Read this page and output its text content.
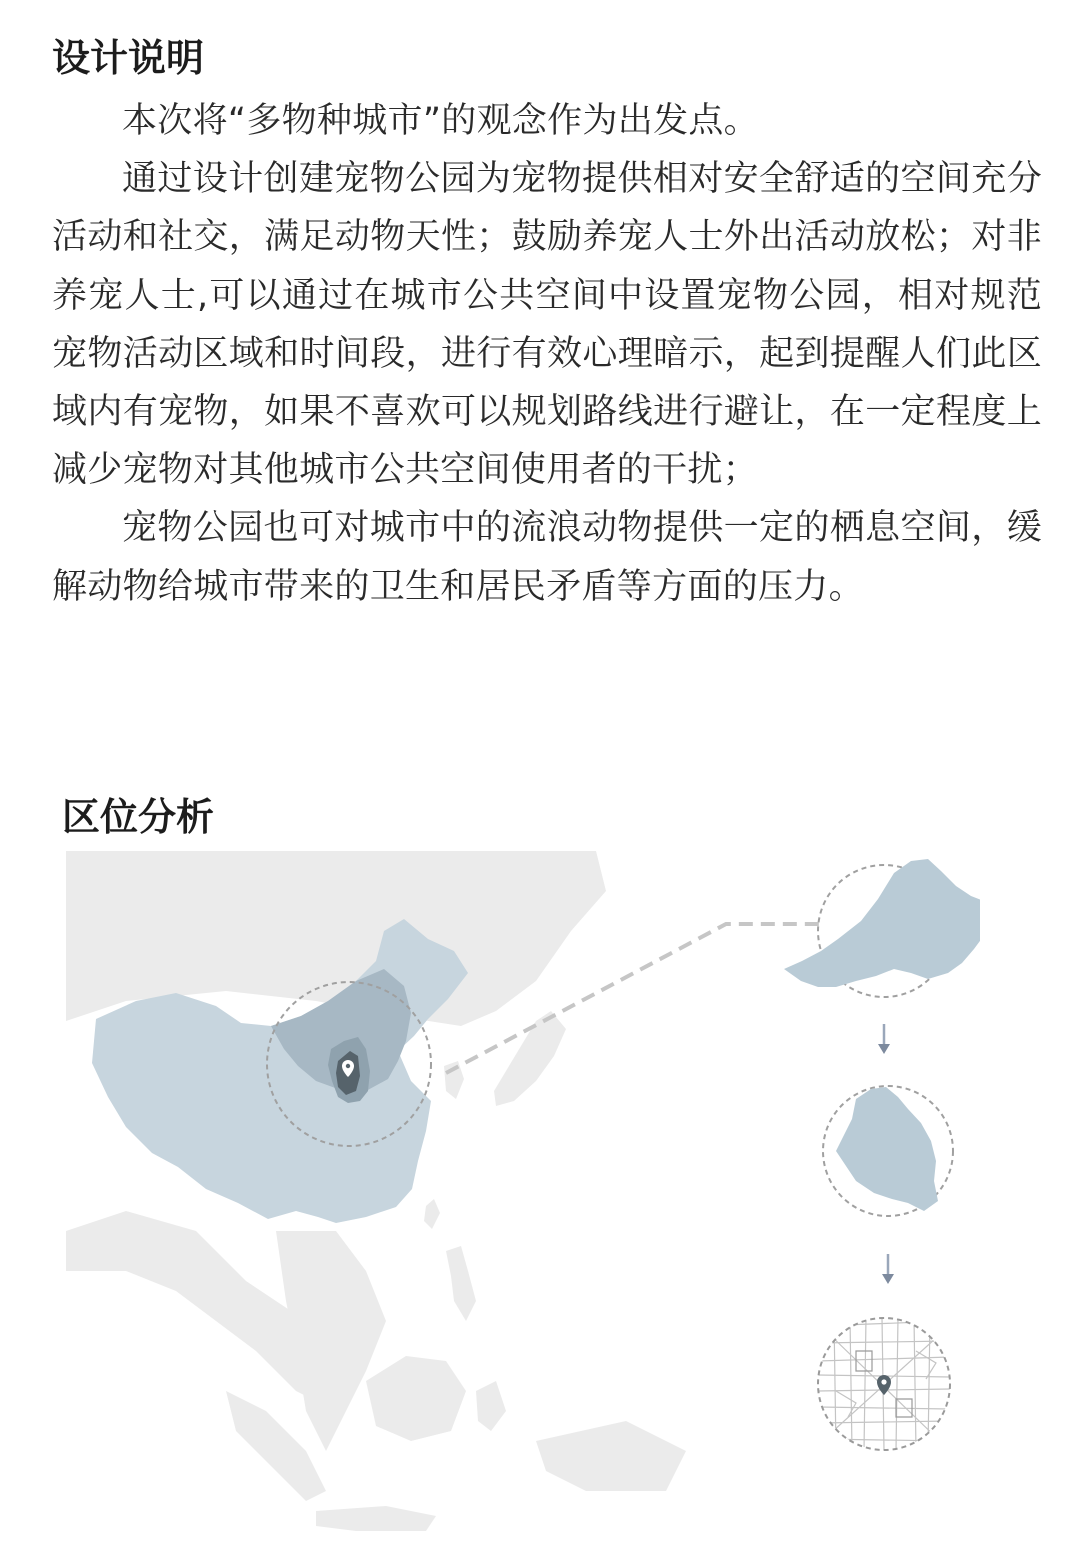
设计说明

本次将“多物种城市”的观念作为出发点。

通过设计创建宠物公园为宠物提供相对安全舒适的空间充分活动和社交，满足动物天性；鼓励养宠人士外出活动放松；对非养宠人士,可以通过在城市公共空间中设置宠物公园，相对规范宠物活动区域和时间段，进行有效心理暗示，起到提醒人们此区域内有宠物，如果不喜欢可以规划路线进行避让，在一定程度上减少宠物对其他城市公共空间使用者的干扰；

宠物公园也可对城市中的流浪动物提供一定的栖息空间，缓解动物给城市带来的卫生和居民矛盾等方面的压力。

区位分析
